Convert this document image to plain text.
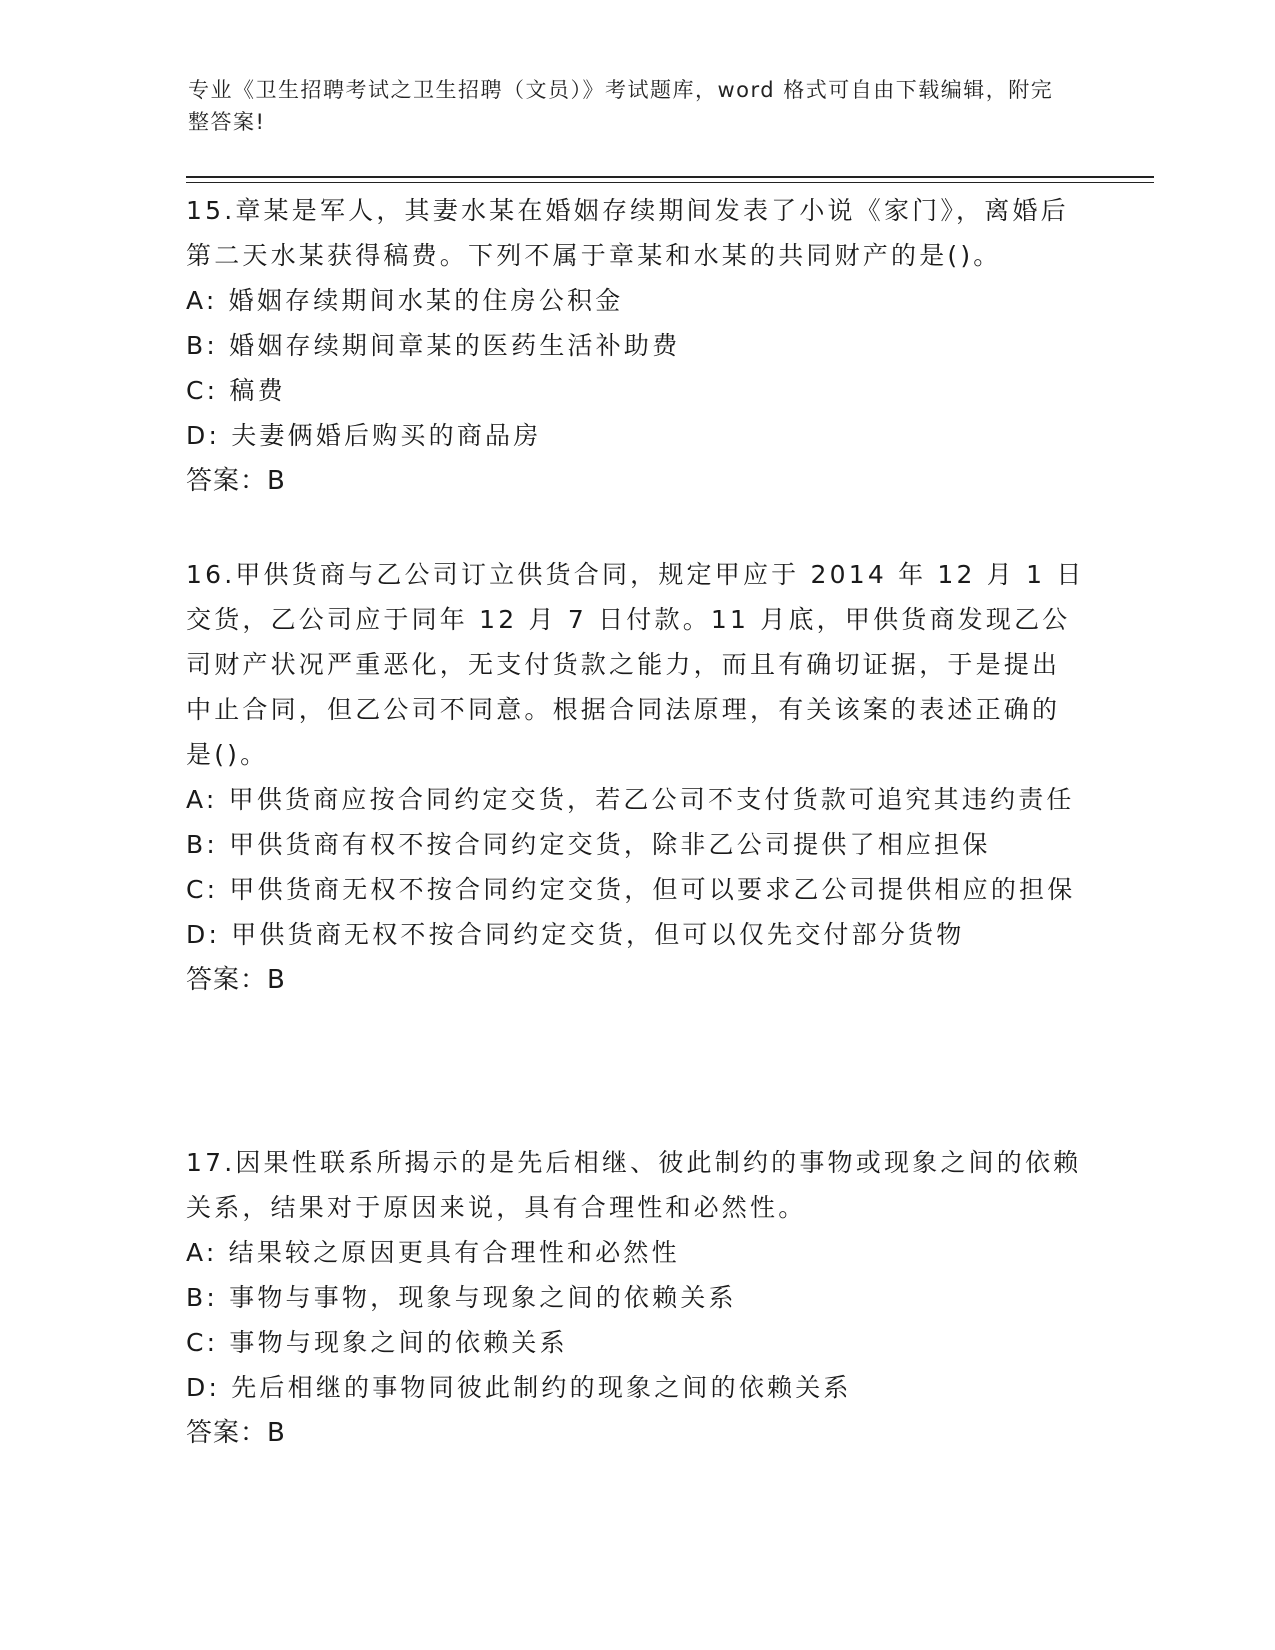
专业《卫生招聘考试之卫生招聘（文员）》考试题库，word 格式可自由下载编辑，附完整答案!

15.章某是军人，其妻水某在婚姻存续期间发表了小说《家门》，离婚后第二天水某获得稿费。下列不属于章某和水某的共同财产的是()。

A: 婚姻存续期间水某的住房公积金

B: 婚姻存续期间章某的医药生活补助费

C: 稿费

D: 夫妻俩婚后购买的商品房

答案：B

16.甲供货商与乙公司订立供货合同，规定甲应于 2014 年 12 月 1 日交货，乙公司应于同年 12 月 7 日付款。11 月底，甲供货商发现乙公司财产状况严重恶化，无支付货款之能力，而且有确切证据，于是提出中止合同，但乙公司不同意。根据合同法原理，有关该案的表述正确的是()。

A: 甲供货商应按合同约定交货，若乙公司不支付货款可追究其违约责任

B: 甲供货商有权不按合同约定交货，除非乙公司提供了相应担保

C: 甲供货商无权不按合同约定交货，但可以要求乙公司提供相应的担保

D: 甲供货商无权不按合同约定交货，但可以仅先交付部分货物

答案：B

17.因果性联系所揭示的是先后相继、彼此制约的事物或现象之间的依赖关系，结果对于原因来说，具有合理性和必然性。

A: 结果较之原因更具有合理性和必然性

B: 事物与事物，现象与现象之间的依赖关系

C: 事物与现象之间的依赖关系

D: 先后相继的事物同彼此制约的现象之间的依赖关系

答案：B
